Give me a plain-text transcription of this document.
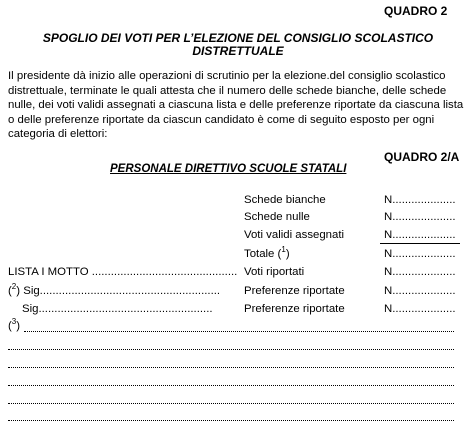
QUADRO 2
SPOGLIO DEI VOTI PER L’ELEZIONE DEL CONSIGLIO SCOLASTICO
DISTRETTUALE
Il presidente dà inizio alle operazioni di scrutinio per la elezione.del consiglio scolastico distrettuale, terminate le quali attesta che il numero delle schede bianche, delle schede nulle, dei voti validi assegnati a ciascuna lista e delle preferenze riportate da ciascuna lista o delle preferenze riportate da ciascun candidato è come di seguito esposto per ogni categoria di elettori:
QUADRO 2/A
PERSONALE DIRETTIVO SCUOLE STATALI
Schede bianche	N....................
Schede nulle	N....................
Voti validi assegnati	N....................
Totale ($^1$)	N....................
LISTA I MOTTO .............................................. Voti riportati	N....................
($^2$) Sig......................................................... Preferenze riportate	N....................
Sig.......................................................	Preferenze riportate	N....................
($^3$)
